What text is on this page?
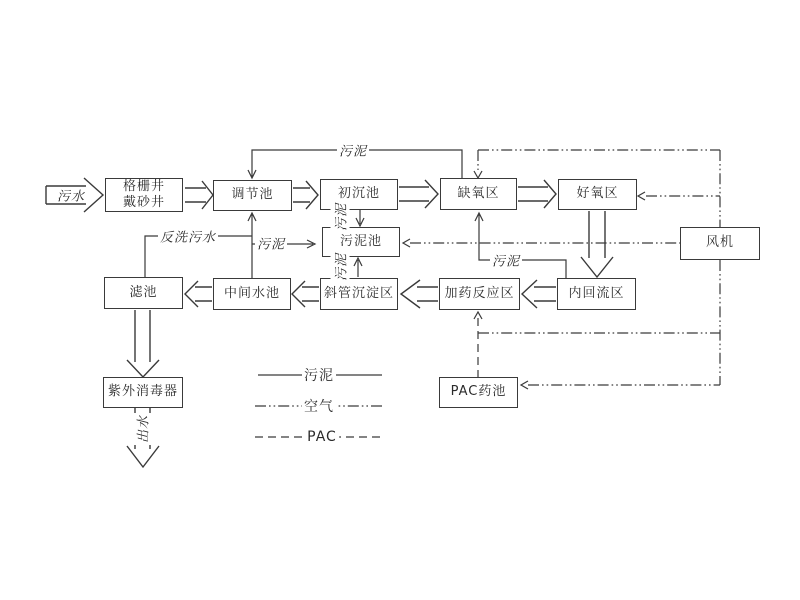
格栅井
戴砂井
调节池	初沉池	缺氧区	好氧区
风机
污泥池
滤池	中间水池	斜管沉淀区	加药反应区	内回流区
紫外消毒器	PAC药池
污水
污泥
反洗污水	污泥
污泥
污泥	污泥
出水
污泥
空气
PAC
